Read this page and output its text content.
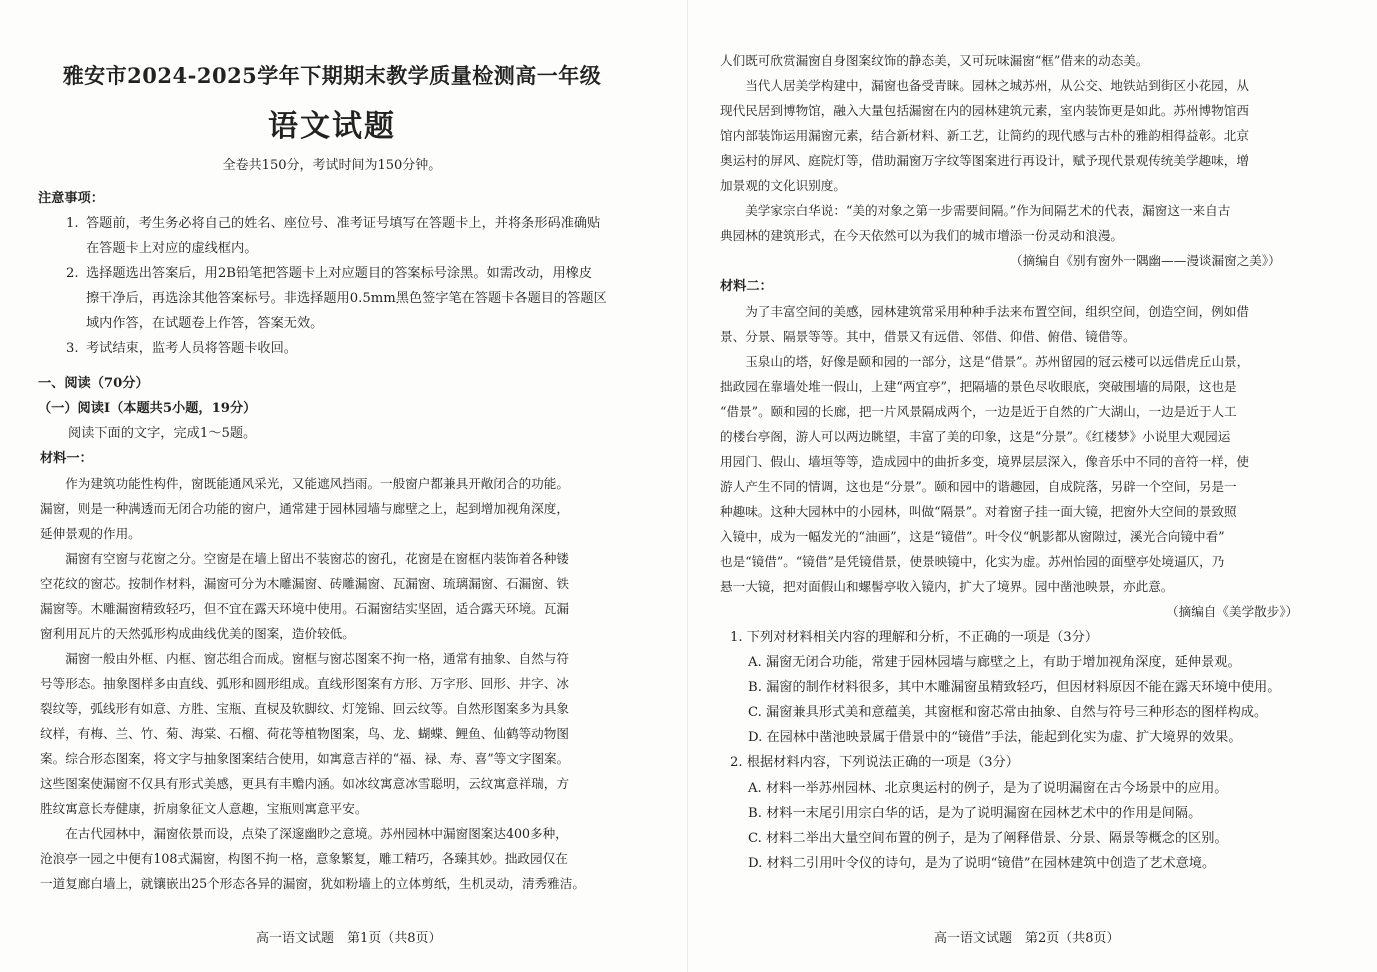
雅安市2024-2025学年下期期末教学质量检测高一年级
语文试题
全卷共150分，考试时间为150分钟。
注意事项：
1. 答题前，考生务必将自己的姓名、座位号、准考证号填写在答题卡上，并将条形码准确贴
在答题卡上对应的虚线框内。
2. 选择题选出答案后，用2B铅笔把答题卡上对应题目的答案标号涂黑。如需改动，用橡皮
擦干净后，再选涂其他答案标号。非选择题用0.5mm黑色签字笔在答题卡各题目的答题区
域内作答，在试题卷上作答，答案无效。
3. 考试结束，监考人员将答题卡收回。
一、阅读（70分）
（一）阅读Ⅰ（本题共5小题，19分）
阅读下面的文字，完成1～5题。
材料一：
　　作为建筑功能性构件，窗既能通风采光，又能遮风挡雨。一般窗户都兼具开敞闭合的功能。
漏窗，则是一种满透而无闭合功能的窗户，通常建于园林园墙与廊壁之上，起到增加视角深度，
延伸景观的作用。
　　漏窗有空窗与花窗之分。空窗是在墙上留出不装窗芯的窗孔，花窗是在窗框内装饰着各种镂
空花纹的窗芯。按制作材料，漏窗可分为木雕漏窗、砖雕漏窗、瓦漏窗、琉璃漏窗、石漏窗、铁
漏窗等。木雕漏窗精致轻巧，但不宜在露天环境中使用。石漏窗结实坚固，适合露天环境。瓦漏
窗利用瓦片的天然弧形构成曲线优美的图案，造价较低。
　　漏窗一般由外框、内框、窗芯组合而成。窗框与窗芯图案不拘一格，通常有抽象、自然与符
号等形态。抽象图样多由直线、弧形和圆形组成。直线形图案有方形、万字形、回形、井字、冰
裂纹等，弧线形有如意、方胜、宝瓶、直棂及软脚纹、灯笼锦、回云纹等。自然形图案多为具象
纹样，有梅、兰、竹、菊、海棠、石榴、荷花等植物图案，鸟、龙、蝴蝶、鲤鱼、仙鹤等动物图
案。综合形态图案，将文字与抽象图案结合使用，如寓意吉祥的“福、禄、寿、喜”等文字图案。
这些图案使漏窗不仅具有形式美感，更具有丰赡内涵。如冰纹寓意冰雪聪明，云纹寓意祥瑞，方
胜纹寓意长寿健康，折扇象征文人意趣，宝瓶则寓意平安。
　　在古代园林中，漏窗依景而设，点染了深邃幽眇之意境。苏州园林中漏窗图案达400多种，
沧浪亭一园之中便有108式漏窗，构图不拘一格，意象繁复，雕工精巧，各臻其妙。拙政园仅在
一道复廊白墙上，就镶嵌出25个形态各异的漏窗，犹如粉墙上的立体剪纸，生机灵动，清秀雅洁。
高一语文试题　第1页（共8页）
人们既可欣赏漏窗自身图案纹饰的静态美，又可玩味漏窗“框”借来的动态美。
　　当代人居美学构建中，漏窗也备受青睐。园林之城苏州，从公交、地铁站到街区小花园，从
现代民居到博物馆，融入大量包括漏窗在内的园林建筑元素，室内装饰更是如此。苏州博物馆西
馆内部装饰运用漏窗元素，结合新材料、新工艺，让简约的现代感与古朴的雅韵相得益彰。北京
奥运村的屏风、庭院灯等，借助漏窗万字纹等图案进行再设计，赋予现代景观传统美学趣味，增
加景观的文化识别度。
　　美学家宗白华说：“美的对象之第一步需要间隔。”作为间隔艺术的代表，漏窗这一来自古
典园林的建筑形式，在今天依然可以为我们的城市增添一份灵动和浪漫。
（摘编自《别有窗外一隅幽——漫谈漏窗之美》）
材料二：
　　为了丰富空间的美感，园林建筑常采用种种手法来布置空间，组织空间，创造空间，例如借
景、分景、隔景等等。其中，借景又有远借、邻借、仰借、俯借、镜借等。
　　玉泉山的塔，好像是颐和园的一部分，这是“借景”。苏州留园的冠云楼可以远借虎丘山景，
拙政园在靠墙处堆一假山，上建“两宜亭”，把隔墙的景色尽收眼底，突破围墙的局限，这也是
“借景”。颐和园的长廊，把一片风景隔成两个，一边是近于自然的广大湖山，一边是近于人工
的楼台亭阁，游人可以两边眺望，丰富了美的印象，这是“分景”。《红楼梦》小说里大观园运
用园门、假山、墙垣等等，造成园中的曲折多变，境界层层深入，像音乐中不同的音符一样，使
游人产生不同的情调，这也是“分景”。颐和园中的谐趣园，自成院落，另辟一个空间，另是一
种趣味。这种大园林中的小园林，叫做“隔景”。对着窗子挂一面大镜，把窗外大空间的景致照
入镜中，成为一幅发光的“油画”，这是“镜借”。叶令仪“帆影都从窗隙过，溪光合向镜中看”
也是“镜借”。“镜借”是凭镜借景，使景映镜中，化实为虚。苏州怡园的面壁亭处境逼仄，乃
悬一大镜，把对面假山和螺髻亭收入镜内，扩大了境界。园中凿池映景，亦此意。
（摘编自《美学散步》）
1. 下列对材料相关内容的理解和分析，不正确的一项是（3分）
A. 漏窗无闭合功能，常建于园林园墙与廊壁之上，有助于增加视角深度，延伸景观。
B. 漏窗的制作材料很多，其中木雕漏窗虽精致轻巧，但因材料原因不能在露天环境中使用。
C. 漏窗兼具形式美和意蕴美，其窗框和窗芯常由抽象、自然与符号三种形态的图样构成。
D. 在园林中凿池映景属于借景中的“镜借”手法，能起到化实为虚、扩大境界的效果。
2. 根据材料内容，下列说法正确的一项是（3分）
A. 材料一举苏州园林、北京奥运村的例子，是为了说明漏窗在古今场景中的应用。
B. 材料一末尾引用宗白华的话，是为了说明漏窗在园林艺术中的作用是间隔。
C. 材料二举出大量空间布置的例子，是为了阐释借景、分景、隔景等概念的区别。
D. 材料二引用叶令仪的诗句，是为了说明“镜借”在园林建筑中创造了艺术意境。
高一语文试题　第2页（共8页）
